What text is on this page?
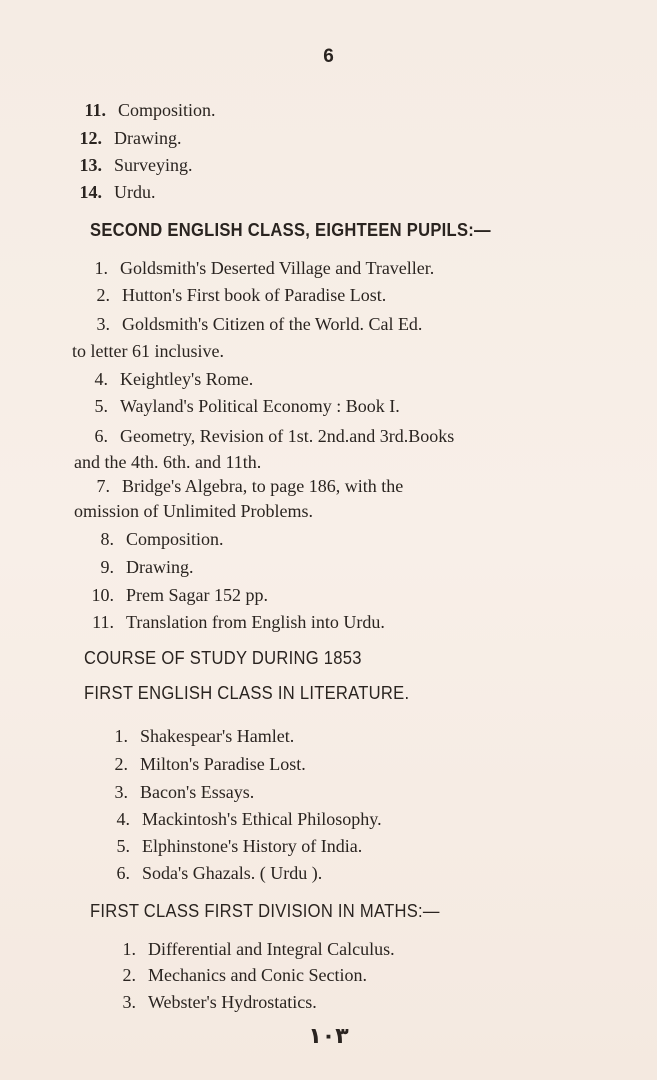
6
11. Composition.
12. Drawing.
13. Surveying.
14. Urdu.
SECOND ENGLISH CLASS, EIGHTEEN PUPILS:—
1. Goldsmith's Deserted Village and Traveller.
2. Hutton's First book of Paradise Lost.
3. Goldsmith's Citizen of the World. Cal Ed.
to letter 61 inclusive.
4. Keightley's Rome.
5. Wayland's Political Economy : Book I.
6. Geometry, Revision of 1st. 2nd.and 3rd.Books
and the 4th. 6th. and 11th.
7. Bridge's Algebra, to page 186, with the
omission of Unlimited Problems.
8. Composition.
9. Drawing.
10. Prem Sagar 152 pp.
11. Translation from English into Urdu.
COURSE OF STUDY DURING 1853
FIRST ENGLISH CLASS IN LITERATURE.
1. Shakespear's Hamlet.
2. Milton's Paradise Lost.
3. Bacon's Essays.
4. Mackintosh's Ethical Philosophy.
5. Elphinstone's History of India.
6. Soda's Ghazals. ( Urdu ).
FIRST CLASS FIRST DIVISION IN MATHS:—
1. Differential and Integral Calculus.
2. Mechanics and Conic Section.
3. Webster's Hydrostatics.
١٠٣
